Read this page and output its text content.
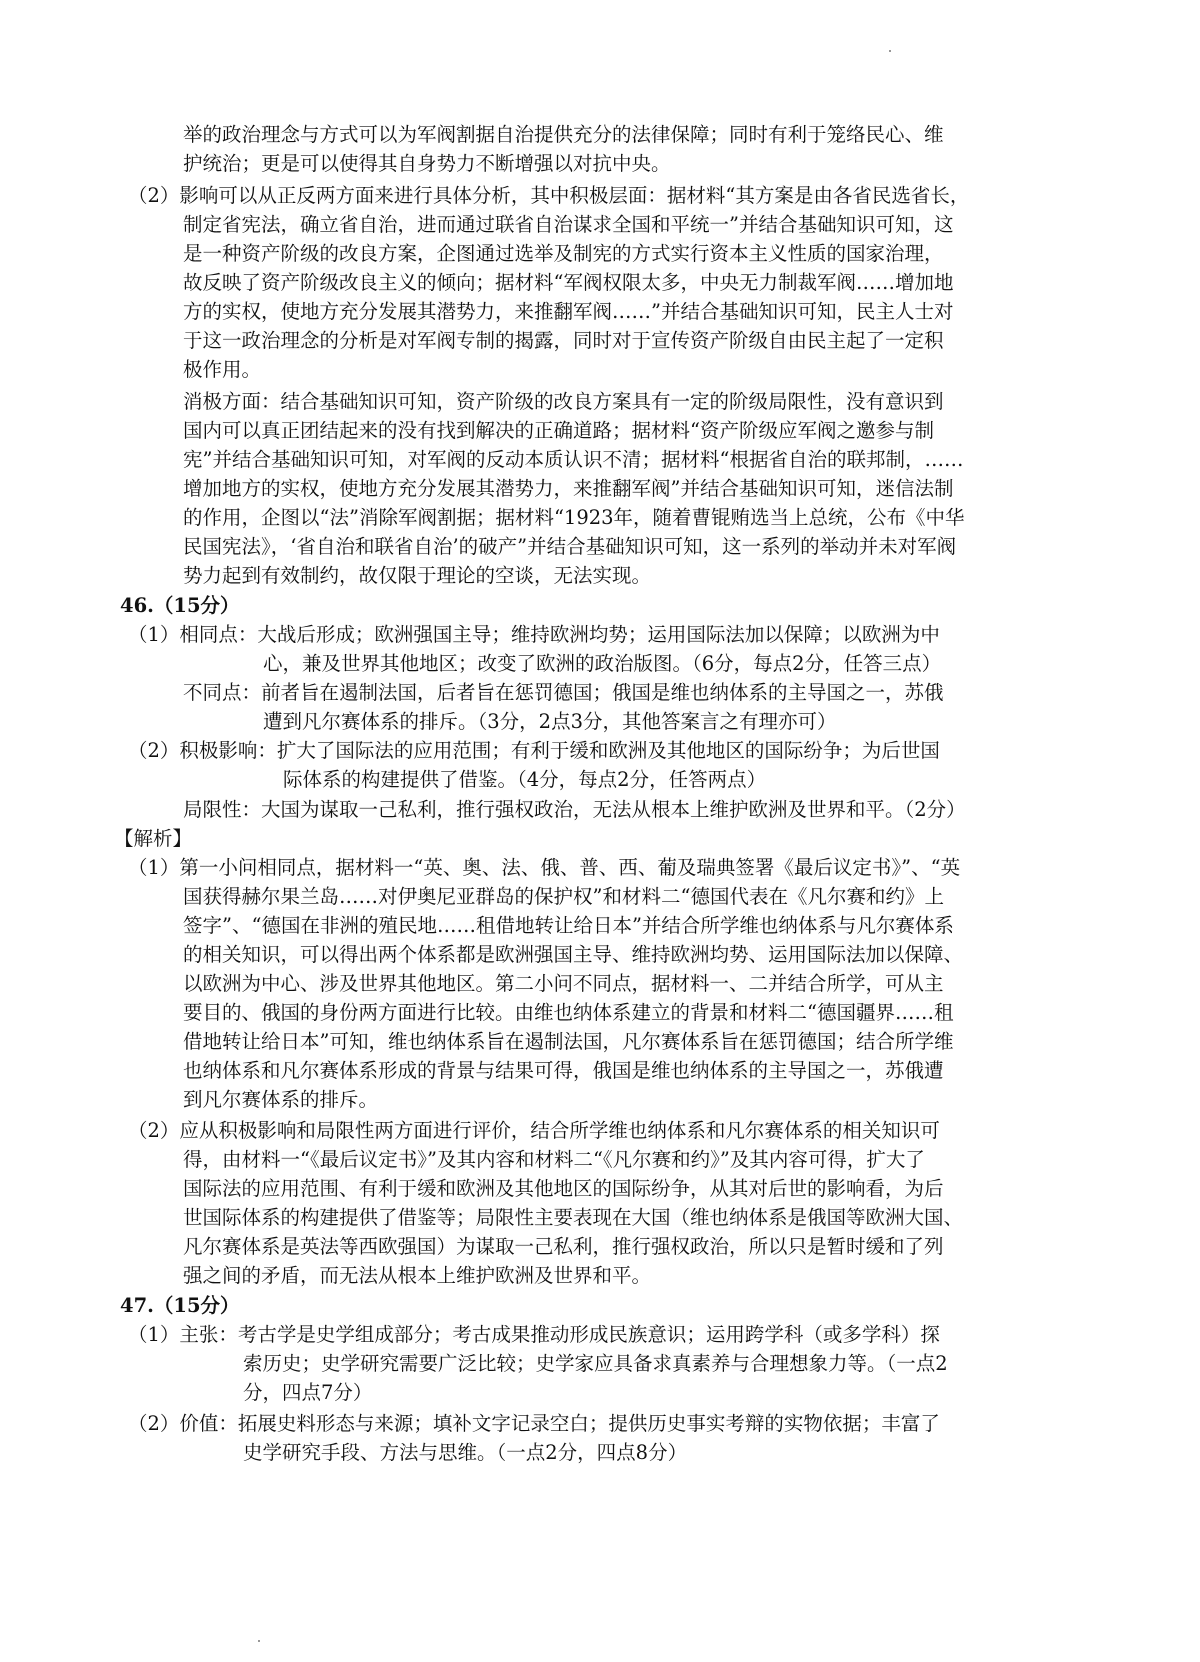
举的政治理念与方式可以为军阀割据自治提供充分的法律保障；同时有利于笼络民心、维
护统治；更是可以使得其自身势力不断增强以对抗中央。
（2）影响可以从正反两方面来进行具体分析，其中积极层面：据材料“其方案是由各省民选省长，
制定省宪法，确立省自治，进而通过联省自治谋求全国和平统一”并结合基础知识可知，这
是一种资产阶级的改良方案，企图通过选举及制宪的方式实行资本主义性质的国家治理，
故反映了资产阶级改良主义的倾向；据材料“军阀权限太多，中央无力制裁军阀……增加地
方的实权，使地方充分发展其潜势力，来推翻军阀……”并结合基础知识可知，民主人士对
于这一政治理念的分析是对军阀专制的揭露，同时对于宣传资产阶级自由民主起了一定积
极作用。
消极方面：结合基础知识可知，资产阶级的改良方案具有一定的阶级局限性，没有意识到
国内可以真正团结起来的没有找到解决的正确道路；据材料“资产阶级应军阀之邀参与制
宪”并结合基础知识可知，对军阀的反动本质认识不清；据材料“根据省自治的联邦制，……
增加地方的实权，使地方充分发展其潜势力，来推翻军阀”并结合基础知识可知，迷信法制
的作用，企图以“法”消除军阀割据；据材料“1923年，随着曹锟贿选当上总统，公布《中华
民国宪法》，‘省自治和联省自治’的破产”并结合基础知识可知，这一系列的举动并未对军阀
势力起到有效制约，故仅限于理论的空谈，无法实现。
46.（15分）
（1）相同点：大战后形成；欧洲强国主导；维持欧洲均势；运用国际法加以保障；以欧洲为中
心，兼及世界其他地区；改变了欧洲的政治版图。（6分，每点2分，任答三点）
不同点：前者旨在遏制法国，后者旨在惩罚德国；俄国是维也纳体系的主导国之一，苏俄
遭到凡尔赛体系的排斥。（3分，2点3分，其他答案言之有理亦可）
（2）积极影响：扩大了国际法的应用范围；有利于缓和欧洲及其他地区的国际纷争；为后世国
际体系的构建提供了借鉴。（4分，每点2分，任答两点）
局限性：大国为谋取一己私利，推行强权政治，无法从根本上维护欧洲及世界和平。（2分）
【解析】
（1）第一小问相同点，据材料一“英、奥、法、俄、普、西、葡及瑞典签署《最后议定书》”、“英
国获得赫尔果兰岛……对伊奥尼亚群岛的保护权”和材料二“德国代表在《凡尔赛和约》上
签字”、“德国在非洲的殖民地……租借地转让给日本”并结合所学维也纳体系与凡尔赛体系
的相关知识，可以得出两个体系都是欧洲强国主导、维持欧洲均势、运用国际法加以保障、
以欧洲为中心、涉及世界其他地区。第二小问不同点，据材料一、二并结合所学，可从主
要目的、俄国的身份两方面进行比较。由维也纳体系建立的背景和材料二“德国疆界……租
借地转让给日本”可知，维也纳体系旨在遏制法国，凡尔赛体系旨在惩罚德国；结合所学维
也纳体系和凡尔赛体系形成的背景与结果可得，俄国是维也纳体系的主导国之一，苏俄遭
到凡尔赛体系的排斥。
（2）应从积极影响和局限性两方面进行评价，结合所学维也纳体系和凡尔赛体系的相关知识可
得，由材料一“《最后议定书》”及其内容和材料二“《凡尔赛和约》”及其内容可得，扩大了
国际法的应用范围、有利于缓和欧洲及其他地区的国际纷争，从其对后世的影响看，为后
世国际体系的构建提供了借鉴等；局限性主要表现在大国（维也纳体系是俄国等欧洲大国、
凡尔赛体系是英法等西欧强国）为谋取一己私利，推行强权政治，所以只是暂时缓和了列
强之间的矛盾，而无法从根本上维护欧洲及世界和平。
47.（15分）
（1）主张：考古学是史学组成部分；考古成果推动形成民族意识；运用跨学科（或多学科）探
索历史；史学研究需要广泛比较；史学家应具备求真素养与合理想象力等。（一点2
分，四点7分）
（2）价值：拓展史料形态与来源；填补文字记录空白；提供历史事实考辩的实物依据；丰富了
史学研究手段、方法与思维。（一点2分，四点8分）
